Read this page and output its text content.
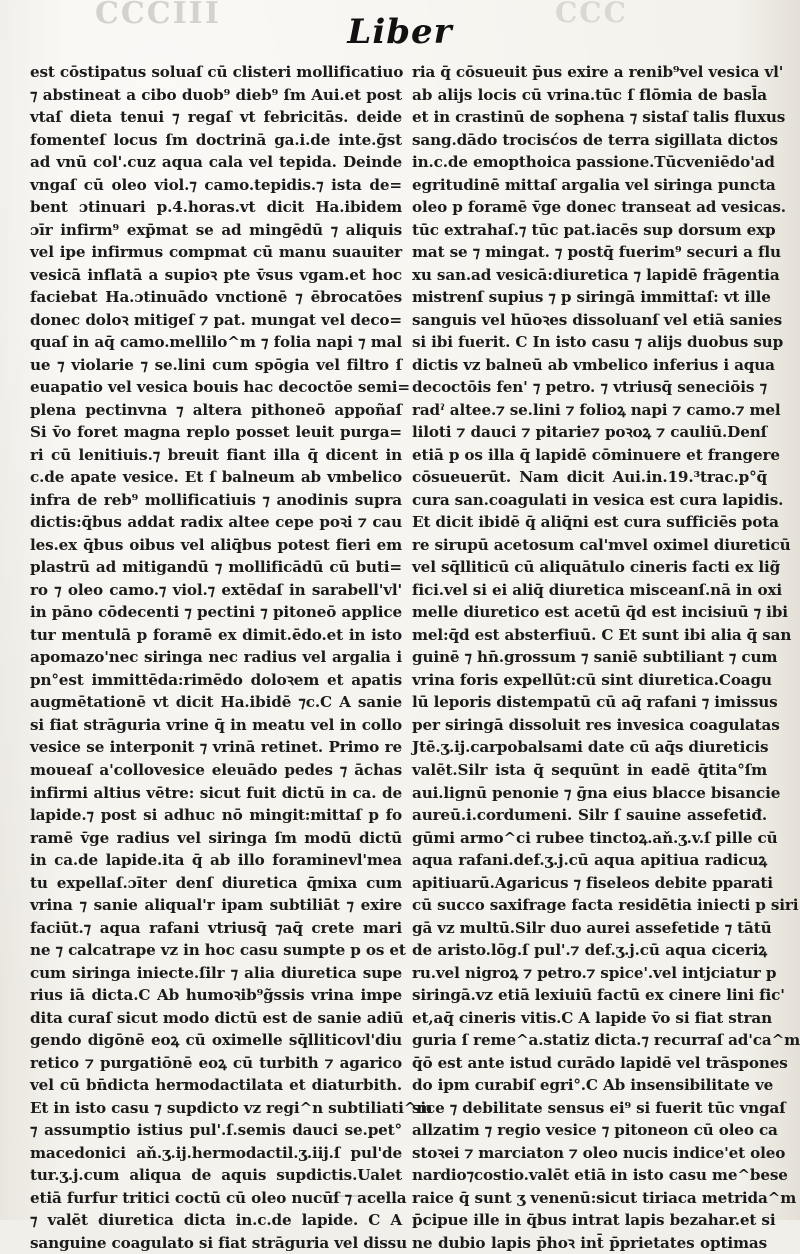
CCCIII	CCC
Liber
est cōstipatus soluaſ cū clisteri mollificatiuo
⁊ abstineat a cibo duob⁹ dieb⁹ ſm Aui.et post
vtaſ dieta tenui ⁊ regaſ vt febricitās. deide
fomenteſ locus ſm doctrinā ga.i.de inte.ḡst
ad vnū col'.cuz aqua cala vel tepida. Deinde
vngaſ cū oleo viol.⁊ camo.tepidis.⁊ ista de=
bent ɔtinuari p.4.horas.vt dicit Ha.ibidem
ɔīr infirm⁹ exp̄mat se ad mingēdū ⁊ aliquis
vel ipe infirmus compmat cū manu suauiter
vesicā inflatā a supioꝛ pte v̄sus vgam.et hoc
faciebat Ha.ɔtinuādo vnctionē ⁊ ēbrocatōes
donec doloꝛ mitigeſ ⁊ pat. mungat vel deco=
quaſ in aq̄ camo.mellilo^m ⁊ folia napi ⁊ mal
ue ⁊ violarie ⁊ se.lini cum spōgia vel filtro ſ
euapatio vel vesica bouis hac decoctōe semi=
plena pectinvna ⁊ altera pithoneō appoñaſ
Si v̄o foret magna replo posset leuit purga=
ri cū lenitiuis.⁊ breuit fiant illa q̄ dicent in
c.de apate vesice. Et ſ balneum ab vmbelico
infra de reb⁹ mollificatiuis ⁊ anodinis supra
dictis:q̄bus addat radix altee cepe poꝛi ⁊ cau
les.ex q̄bus oibus vel aliq̄bus potest fieri em
plastrū ad mitigandū ⁊ mollificādū cū buti=
ro ⁊ oleo camo.⁊ viol.⁊ extēdaſ in sarabell'vl'
in pāno cōdecenti ⁊ pectini ⁊ pitoneō applice
tur mentulā p foramē ex dimit.ēdo.et in isto
apomazo'nec siringa nec radius vel argalia i
pn°est immittēda:rimēdo doloꝛem et apatis
augmētationē vt dicit Ha.ibidē ⁊c.C A sanie
si fiat strāguria vrine q̄ in meatu vel in collo
vesice se interponit ⁊ vrinā retinet. Primo re
moueaſ a'collovesice eleuādo pedes ⁊ āchas
infirmi altius vētre: sicut fuit dictū in ca. de
lapide.⁊ post si adhuc nō mingit:mittaſ p fo
ramē v̄ge radius vel siringa ſm modū dictū
in ca.de lapide.ita q̄ ab illo foraminevl'mea
tu expellaſ.ɔīter denſ diuretica q̄mixa cum
vrina ⁊ sanie aliqual'r ipam subtiliāt ⁊ exire
faciūt.⁊ aqua rafani vtriusq̄ ⁊aq̄ crete mari
ne ⁊ calcatrape vz in hoc casu sumpte p os et
cum siringa iniecte.ſilr ⁊ alia diuretica supe
rius iā dicta.C Ab humoꝛib⁹g̃ssis vrina impe
dita curaſ sicut modo dictū est de sanie adiū
gendo digōnē eoꝝ cū oximelle sq̄lliticovl'diu
retico ⁊ purgatiōnē eoꝝ cū turbith ⁊ agarico
vel cū bn̄dicta hermodactilata et diaturbith.
Et in isto casu ⁊ supdicto vz regi^n subtiliati^m
⁊ assumptio istius pul'.ſ.semis dauci se.pet°
macedonici aň.ʒ.ij.hermodactil.ʒ.iij.ſ pul'de
tur.ʒ.j.cum aliqua de aquis supdictis.Ualet
etiā furfur tritici coctū cū oleo nucūſ ⁊ acella
⁊ valēt diuretica dicta in.c.de lapide. C A
sanguine coagulato si fiat strāguria vel dissu
ria q̄ cōsueuit p̄us exire a renib⁹vel vesica vl'
ab alijs locis cū vrina.tūc ſ flōmia de basl̄a
et in crastinū de sophena ⁊ sistaſ talis fluxus
sang.dādo trocisćos de terra sigillata dictos
in.c.de emopthoica passione.Tūcveniēdo'ad
egritudinē mittaſ argalia vel siringa puncta
oleo p foramē v̄ge donec transeat ad vesicas.
tūc extrahaſ.⁊ tūc pat.iacēs sup dorsum exp
mat se ⁊ mingat. ⁊ postq̄ fuerim⁹ securi a flu
xu san.ad vesicā:diuretica ⁊ lapidē frāgentia
mistrenſ supius ⁊ p siringā immittaſ: vt ille
sanguis vel hūoꝛes dissoluanſ vel etiā sanies
si ibi fuerit. C In isto casu ⁊ alijs duobus sup
dictis vz balneū ab vmbelico inferius i aqua
decoctōis fen' ⁊ petro. ⁊ vtriusq̄ seneciōis ⁊
radˀ altee.⁊ se.lini ⁊ folioꝝ napi ⁊ camo.⁊ mel
liloti ⁊ dauci ⁊ pitarie⁊ poꝛoꝝ ⁊ cauliū.Denſ
etiā p os illa q̄ lapidē cōminuere et frangere
cōsueuerūt. Nam dicit Aui.in.19.³trac.p°q̄
cura san.coagulati in vesica est cura lapidis.
Et dicit ibidē q̄ aliq̄ni est cura sufficiēs pota
re sirupū acetosum cal'mvel oximel diureticū
vel sq̄lliticū cū aliquātulo cineris facti ex lig̃
fici.vel si ei aliq̄ diuretica misceanſ.nā in oxi
melle diuretico est acetū q̄d est incisiuū ⁊ ibi
mel:q̄d est absterfiuū. C Et sunt ibi alia q̄ san
guinē ⁊ hn̄.grossum ⁊ saniē subtiliant ⁊ cum
vrina foris expellūt:cū sint diuretica.Coagu
lū leporis distempatū cū aq̄ rafani ⁊ imissus
per siringā dissoluit res invesica coagulatas
Jtē.ʒ.ij.carpobalsami date cū aq̄s diureticis
valēt.Silr ista q̄ sequūnt in eadē q̄tita°ſm
aui.lignū penonie ⁊ ḡna eius blacce bisancie
aureū.i.cordumeni. Silr ſ sauine assefetiđ.
gūmi armo^ci rubee tinctoꝝ.aň.ʒ.v.ſ pille cū
aqua rafani.def.ʒ.j.cū aqua apitiua radicuꝝ
apitiuarū.Agaricus ⁊ fiseleos debite pparati
cū succo saxifrage facta residētia iniecti p siri
gā vz multū.Silr duo aurei assefetide ⁊ tātū
de aristo.lōg.ſ pul'.⁊ def.ʒ.j.cū aqua ciceriꝝ
ru.vel nigroꝝ ⁊ petro.⁊ spice'.vel intjciatur p
siringā.vz etiā lexiuiū factū ex cinere lini fic'
et,aq̄ cineris vitis.C A lapide v̄o si fiat stran
guria ſ reme^a.statiz dicta.⁊ recurraſ ad'ca^m
q̄ō est ante istud curādo lapidē vel trāspones
do ipm curabiſ egri°.C Ab insensibilitate ve
sice ⁊ debilitate sensus ei⁹ si fuerit tūc vngaſ
allzatim ⁊ regio vesice ⁊ pitoneon cū oleo ca
stoꝛei ⁊ marciaton ⁊ oleo nucis indice'et oleo
nardio⁊costio.valēt etiā in isto casu me^bese
raice q̄ sunt ʒ venenū:sicut tiriaca metrida^m
p̄cipue ille in q̄bus intrat lapis bezahar.et si
ne dubio lapis p̄hoꝛ int̄ p̄prietates optimas
